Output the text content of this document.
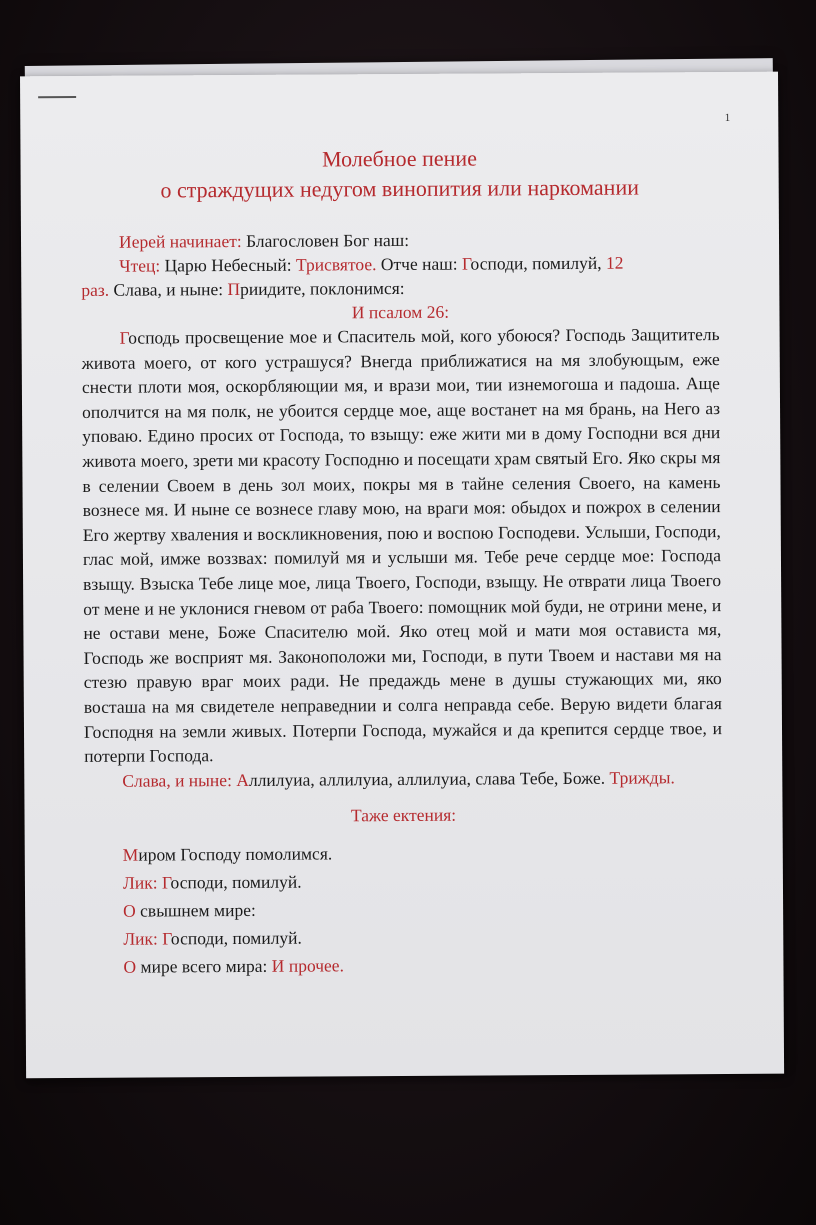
1
Молебное пение
о страждущих недугом винопития или наркомании
Иерей начинает: Благословен Бог наш:
Чтец: Царю Небесный: Трисвятое. Отче наш: Господи, помилуй, 12
раз. Слава, и ныне: Приидите, поклонимся:
И псалом 26:

Господь просвещение мое и Спаситель мой, кого убоюся? Господь Защититель живота моего, от кого устрашуся? Внегда приближатися на мя злобующым, еже снести плоти моя, оскорбляющии мя, и врази мои, тии изнемогоша и падоша. Аще ополчится на мя полк, не убоится сердце мое, аще востанет на мя брань, на Него аз уповаю. Едино просих от Господа, то взыщу: еже жити ми в дому Господни вся дни живота моего, зрети ми красоту Господню и посещати храм святый Его. Яко скры мя в селении Своем в день зол моих, покры мя в тайне селения Своего, на камень вознесе мя. И ныне се вознесе главу мою, на враги моя: обыдох и пожрох в селении Его жертву хваления и воскликновения, пою и воспою Господеви. Услыши, Господи, глас мой, имже воззвах: помилуй мя и услыши мя. Тебе рече сердце мое: Господа взыщу. Взыска Тебе лице мое, лица Твоего, Господи, взыщу. Не отврати лица Твоего от мене и не уклонися гневом от раба Твоего: помощник мой буди, не отрини мене, и не остави мене, Боже Спасителю мой. Яко отец мой и мати моя остависта мя, Господь же восприят мя. Законоположи ми, Господи, в пути Твоем и настави мя на стезю правую враг моих ради. Не предаждь мене в душы стужающих ми, яко восташа на мя свидетеле неправеднии и солга неправда себе. Верую видети благая Господня на земли живых. Потерпи Господа, мужайся и да крепится сердце твое, и потерпи Господа.

Слава, и ныне: Аллилуиа, аллилуиа, аллилуиа, слава Тебе, Боже. Трижды.

Таже ектения:
Миром Господу помолимся.
Лик: Господи, помилуй.
О свышнем мире:
Лик: Господи, помилуй.
О мире всего мира: И прочее.
